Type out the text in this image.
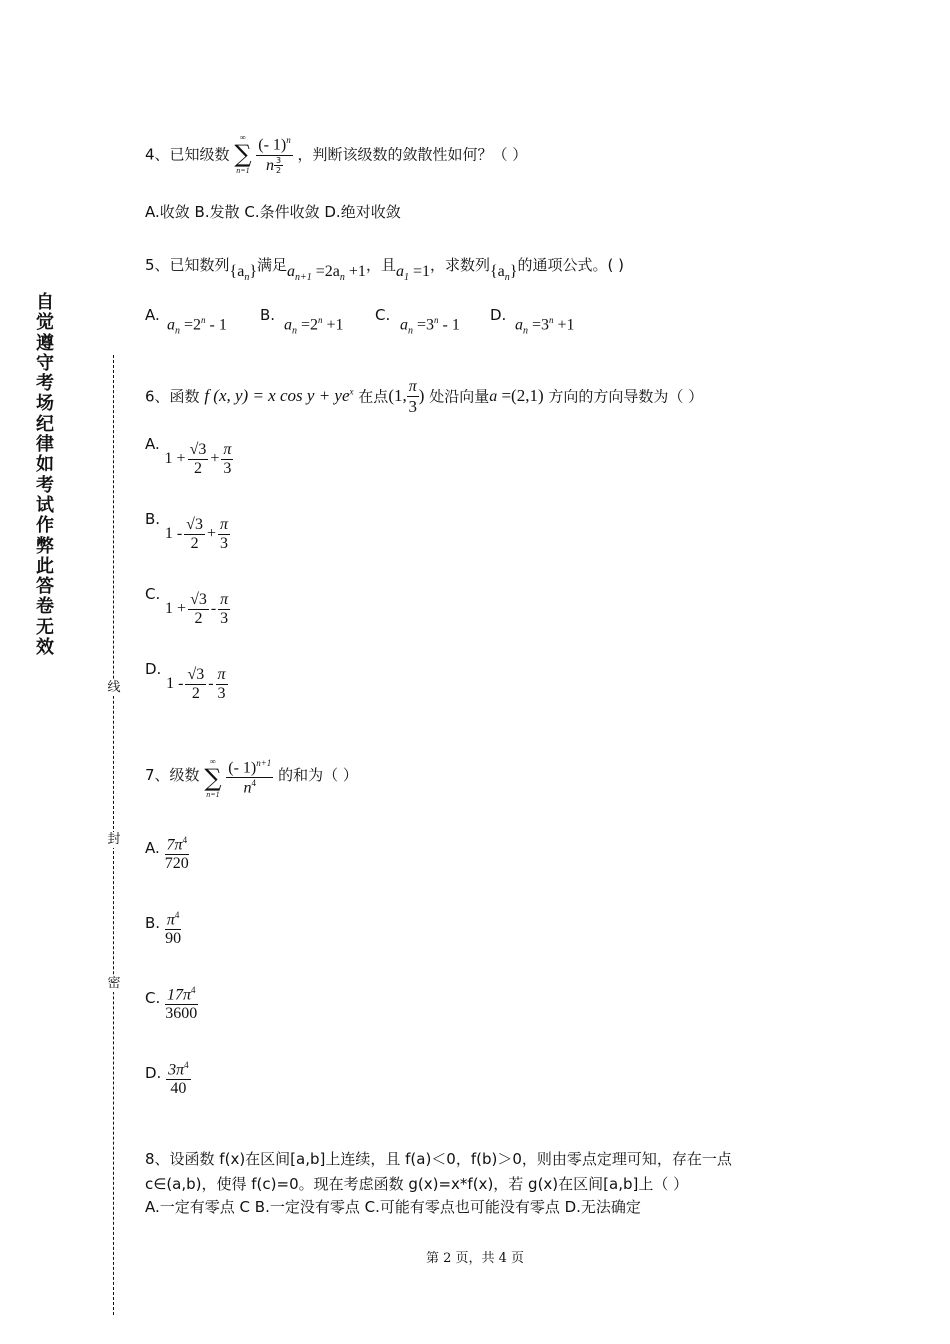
自
觉
遵
守
考
场
纪
律
如
考
试
作
弊
此
答
卷
无
效
线
封
密
4、已知级数
∞
∑
n=1
$\frac{(- 1)^n}{n \frac{3}{2}}$ ，判断该级数的敛散性如何？（ ）
A.收敛 B.发散 C.条件收敛 D.绝对收敛
5、已知数列$\{a_n\}$满足$a_{n+1} =2a_n +1$，且$a_1 =1$，求数列$\{a_n\}$的通项公式。( )
A.
$a_n =2^n - 1$
B.
$a_n =2^n +1$
C.
$a_n =3^n - 1$
D.
$a_n =3^n +1$
6、函数 f (x, y) = x $\cos y + ye^x$ 在点(1, $\frac{\pi}{3}$ ) 处沿向量a =(2,1) 方向的方向导数为（ ）
A. $1 + \frac{√3}{2} + \frac{\pi}{3}$
B. $1 - \frac{√3}{2} + \frac{\pi}{3}$
C. $1 + \frac{√3}{2} - \frac{\pi}{3}$
D. $1 - \frac{√3}{2} - \frac{\pi}{3}$
7、级数
∞
∑
n=1
$\frac{(- 1)^{n+1}}{n^4}$ 的和为（ ）
A. $\frac{7\pi^4}{720}$
B. $\frac{\pi^4}{90}$
C. $\frac{17\pi^4}{3600}$
D. $\frac{3\pi^4}{40}$
8、设函数 f(x)在区间[a,b]上连续，且 f(a)＜0，f(b)＞0，则由零点定理可知，存在一点
c∈(a,b)，使得 f(c)=0。现在考虑函数 g(x)=x*f(x)，若 g(x)在区间[a,b]上（ ）
A.一定有零点 C B.一定没有零点 C.可能有零点也可能没有零点 D.无法确定
第 2 页，共 4 页
